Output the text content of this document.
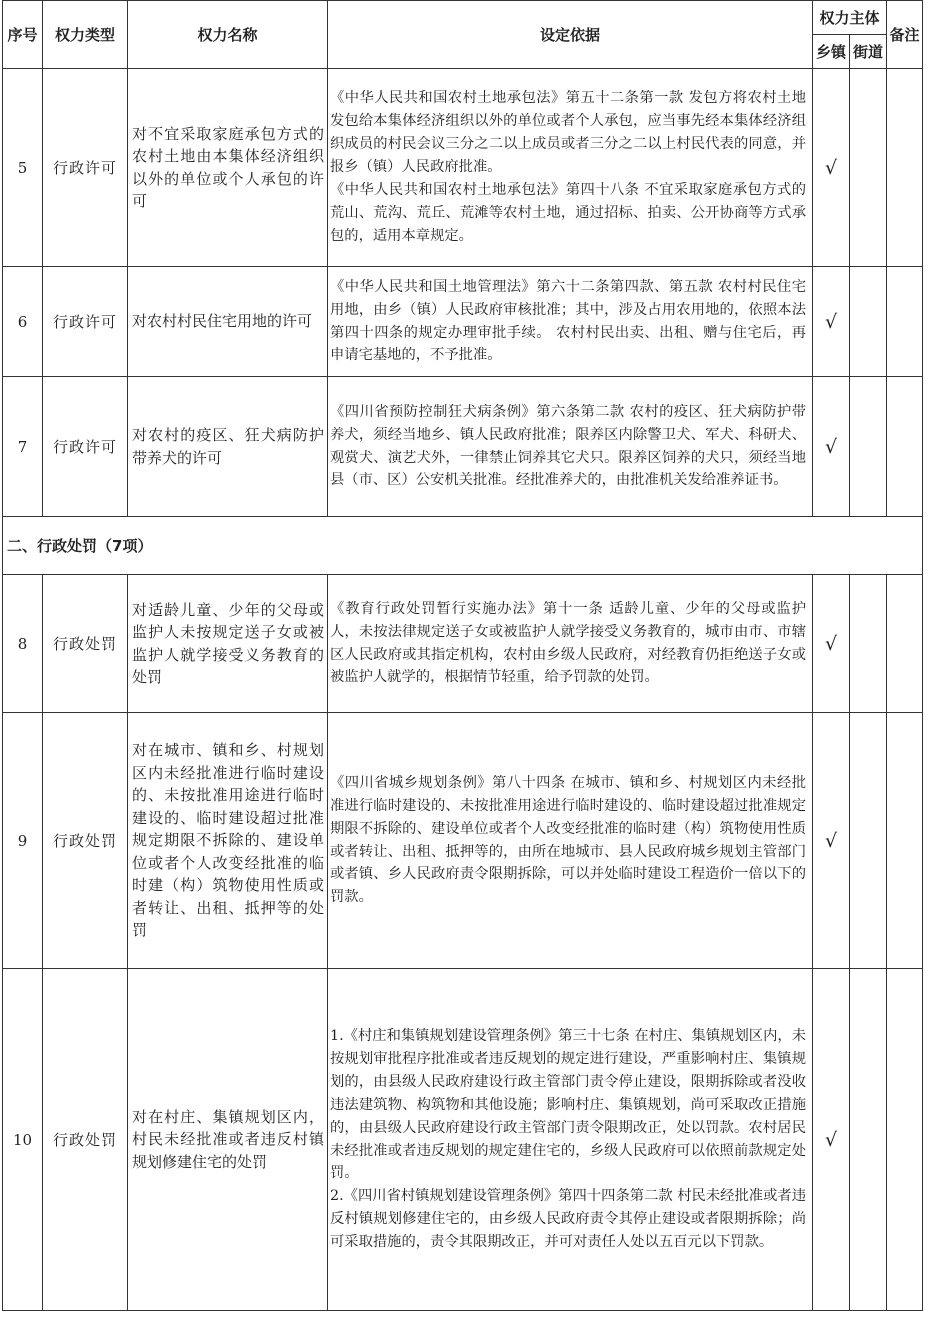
序号	权力类型	权力名称	设定依据	权力主体		备注
				乡镇	街道	
5	行政许可	对不宜采取家庭承包方式的农村土地由本集体经济组织以外的单位或个人承包的许可	《中华人民共和国农村土地承包法》第五十二条第一款 发包方将农村土地发包给本集体经济组织以外的单位或者个人承包，应当事先经本集体经济组织成员的村民会议三分之二以上成员或者三分之二以上村民代表的同意，并报乡（镇）人民政府批准。

《中华人民共和国农村土地承包法》第四十八条 不宜采取家庭承包方式的荒山、荒沟、荒丘、荒滩等农村土地，通过招标、拍卖、公开协商等方式承包的，适用本章规定。	√		
6	行政许可	对农村村民住宅用地的许可	《中华人民共和国土地管理法》第六十二条第四款、第五款 农村村民住宅用地，由乡（镇）人民政府审核批准；其中，涉及占用农用地的，依照本法第四十四条的规定办理审批手续。 农村村民出卖、出租、赠与住宅后，再申请宅基地的，不予批准。	√		
7	行政许可	对农村的疫区、狂犬病防护带养犬的许可	《四川省预防控制狂犬病条例》第六条第二款 农村的疫区、狂犬病防护带养犬，须经当地乡、镇人民政府批准；限养区内除警卫犬、军犬、科研犬、观赏犬、演艺犬外，一律禁止饲养其它犬只。限养区饲养的犬只，须经当地县（市、区）公安机关批准。经批准养犬的，由批准机关发给准养证书。	√		
二、行政处罚（7项）						
8	行政处罚	对适龄儿童、少年的父母或监护人未按规定送子女或被监护人就学接受义务教育的处罚	《教育行政处罚暂行实施办法》第十一条 适龄儿童、少年的父母或监护人，未按法律规定送子女或被监护人就学接受义务教育的，城市由市、市辖区人民政府或其指定机构，农村由乡级人民政府，对经教育仍拒绝送子女或被监护人就学的，根据情节轻重，给予罚款的处罚。	√		
9	行政处罚	对在城市、镇和乡、村规划区内未经批准进行临时建设的、未按批准用途进行临时建设的、临时建设超过批准规定期限不拆除的、建设单位或者个人改变经批准的临时建（构）筑物使用性质或者转让、出租、抵押等的处罚	《四川省城乡规划条例》第八十四条 在城市、镇和乡、村规划区内未经批准进行临时建设的、未按批准用途进行临时建设的、临时建设超过批准规定期限不拆除的、建设单位或者个人改变经批准的临时建（构）筑物使用性质或者转让、出租、抵押等的，由所在地城市、县人民政府城乡规划主管部门或者镇、乡人民政府责令限期拆除，可以并处临时建设工程造价一倍以下的罚款。	√		
10	行政处罚	对在村庄、集镇规划区内，村民未经批准或者违反村镇规划修建住宅的处罚	1.《村庄和集镇规划建设管理条例》第三十七条 在村庄、集镇规划区内，未按规划审批程序批准或者违反规划的规定进行建设，严重影响村庄、集镇规划的，由县级人民政府建设行政主管部门责令停止建设，限期拆除或者没收违法建筑物、构筑物和其他设施；影响村庄、集镇规划，尚可采取改正措施的，由县级人民政府建设行政主管部门责令限期改正，处以罚款。农村居民未经批准或者违反规划的规定建住宅的，乡级人民政府可以依照前款规定处罚。

2.《四川省村镇规划建设管理条例》第四十四条第二款 村民未经批准或者违反村镇规划修建住宅的，由乡级人民政府责令其停止建设或者限期拆除；尚可采取措施的，责令其限期改正，并可对责任人处以五百元以下罚款。	√		
